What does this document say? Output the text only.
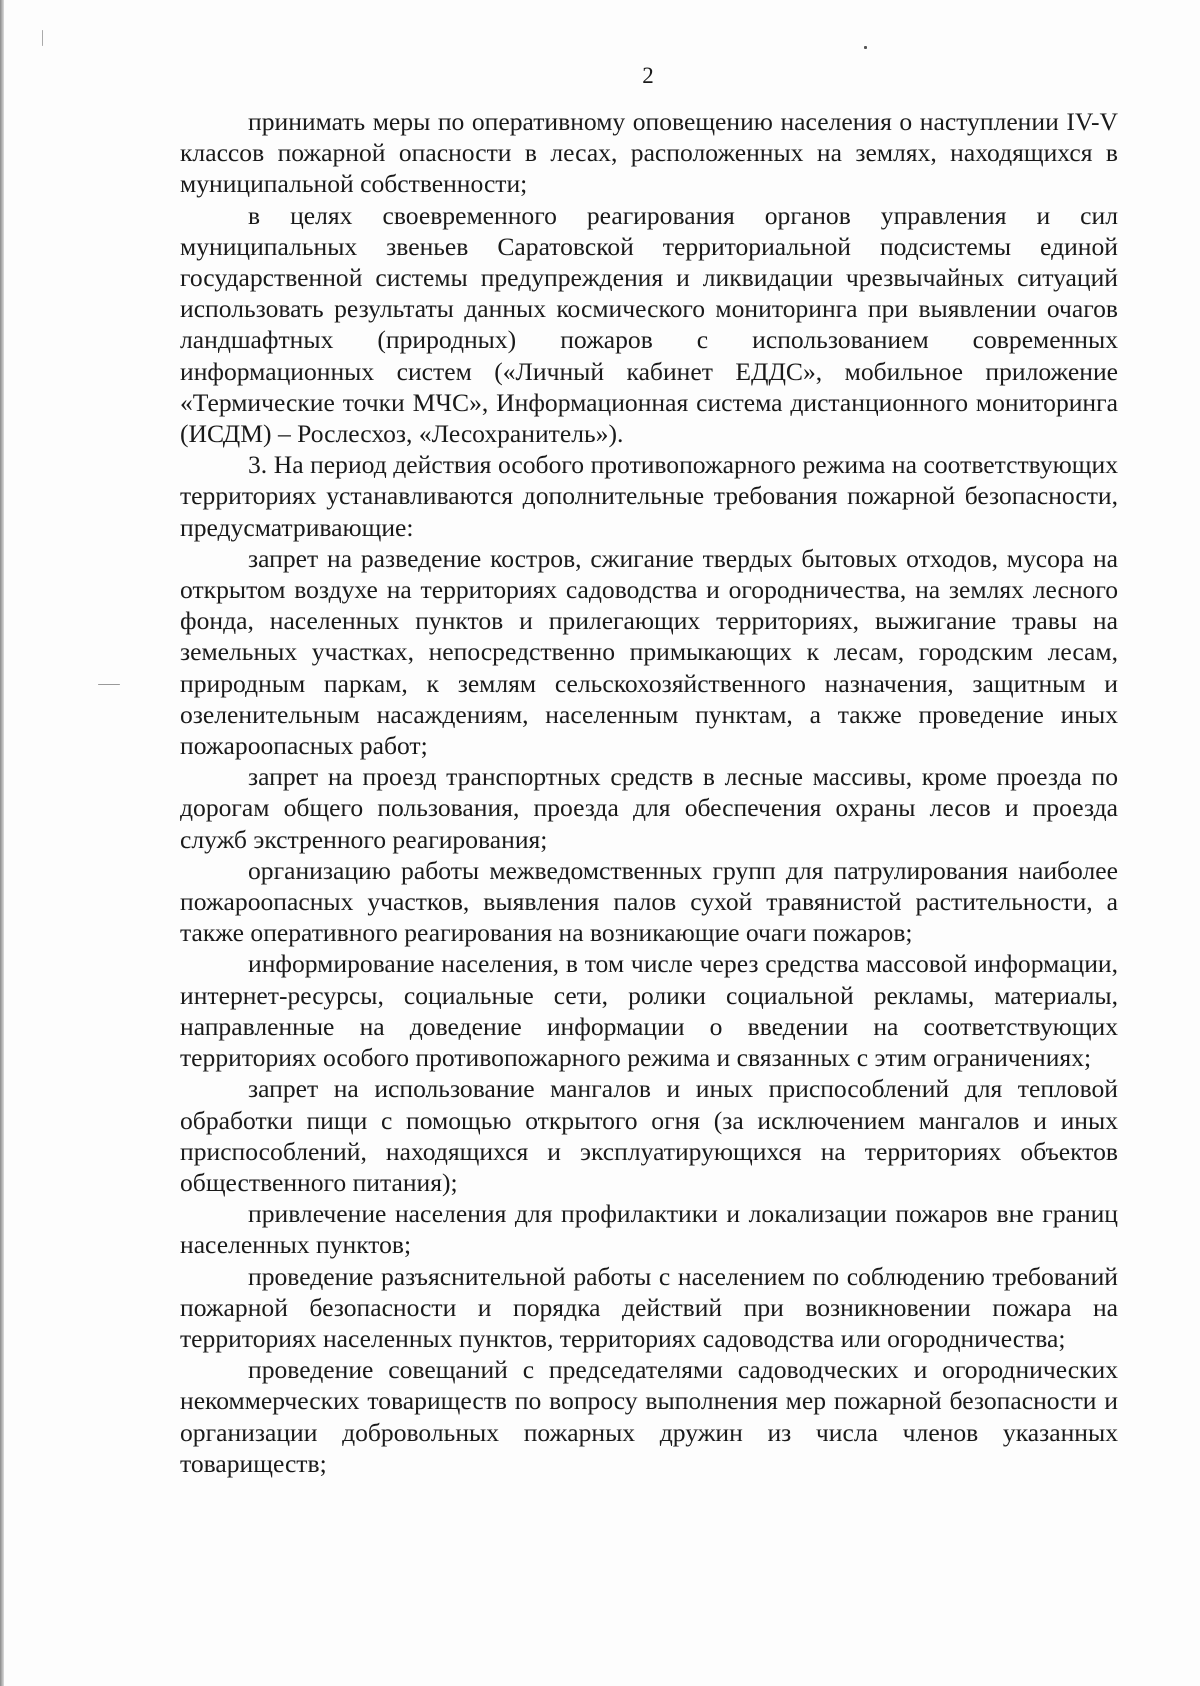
2

принимать меры по оперативному оповещению населения о наступлении IV-V классов пожарной опасности в лесах, расположенных на землях, находящихся в муниципальной собственности;

в целях своевременного реагирования органов управления и сил муниципальных звеньев Саратовской территориальной подсистемы единой государственной системы предупреждения и ликвидации чрезвычайных ситуаций использовать результаты данных космического мониторинга при выявлении очагов ландшафтных (природных) пожаров с использованием современных информационных систем («Личный кабинет ЕДДС», мобильное приложение «Термические точки МЧС», Информационная система дистанционного мониторинга (ИСДМ) – Рослесхоз, «Лесохранитель»).

3. На период действия особого противопожарного режима на соответствующих территориях устанавливаются дополнительные требования пожарной безопасности, предусматривающие:

запрет на разведение костров, сжигание твердых бытовых отходов, мусора на открытом воздухе на территориях садоводства и огородничества, на землях лесного фонда, населенных пунктов и прилегающих территориях, выжигание травы на земельных участках, непосредственно примыкающих к лесам, городским лесам, природным паркам, к землям сельскохозяйственного назначения, защитным и озеленительным насаждениям, населенным пунктам, а также проведение иных пожароопасных работ;

запрет на проезд транспортных средств в лесные массивы, кроме проезда по дорогам общего пользования, проезда для обеспечения охраны лесов и проезда служб экстренного реагирования;

организацию работы межведомственных групп для патрулирования наиболее пожароопасных участков, выявления палов сухой травянистой растительности, а также оперативного реагирования на возникающие очаги пожаров;

информирование населения, в том числе через средства массовой информации, интернет-ресурсы, социальные сети, ролики социальной рекламы, материалы, направленные на доведение информации о введении на соответствующих территориях особого противопожарного режима и связанных с этим ограничениях;

запрет на использование мангалов и иных приспособлений для тепловой обработки пищи с помощью открытого огня (за исключением мангалов и иных приспособлений, находящихся и эксплуатирующихся на территориях объектов общественного питания);

привлечение населения для профилактики и локализации пожаров вне границ населенных пунктов;

проведение разъяснительной работы с населением по соблюдению требований пожарной безопасности и порядка действий при возникновении пожара на территориях населенных пунктов, территориях садоводства или огородничества;

проведение совещаний с председателями садоводческих и огороднических некоммерческих товариществ по вопросу выполнения мер пожарной безопасности и организации добровольных пожарных дружин из числа членов указанных товариществ;
